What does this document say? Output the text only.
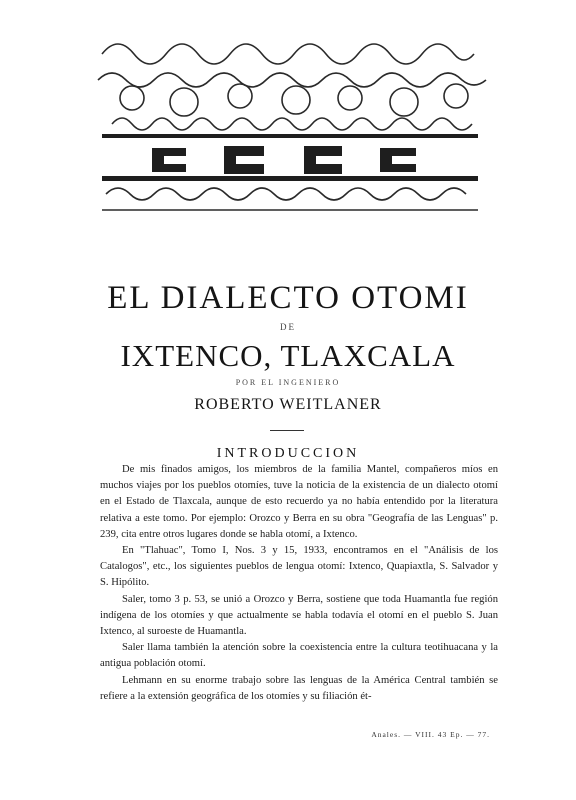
EL DIALECTO OTOMI
DE
IXTENCO, TLAXCALA
POR EL INGENIERO
ROBERTO WEITLANER
INTRODUCCION

De mis finados amigos, los miembros de la familia Mantel, compañeros míos en muchos viajes por los pueblos otomíes, tuve la noticia de la existencia de un dialecto otomí en el Estado de Tlaxcala, aunque de esto recuerdo ya no había entendido por la literatura relativa a este tomo. Por ejemplo: Orozco y Berra en su obra "Geografía de las Lenguas" p. 239, cita entre otros lugares donde se habla otomí, a Ixtenco.

En "Tlahuac", Tomo I, Nos. 3 y 15, 1933, encontramos en el "Análisis de los Catalogos", etc., los siguientes pueblos de lengua otomí: Ixtenco, Quapiaxtla, S. Salvador y S. Hipólito.

Saler, tomo 3 p. 53, se unió a Orozco y Berra, sostiene que toda Huamantla fue región indígena de los otomíes y que actualmente se habla todavía el otomí en el pueblo S. Juan Ixtenco, al suroeste de Huamantla.

Saler llama también la atención sobre la coexistencia entre la cultura teotihuacana y la antigua población otomí.

Lehmann en su enorme trabajo sobre las lenguas de la América Central también se refiere a la extensión geográfica de los otomíes y su filiación ét-

Anales. — VIII. 43 Ep. — 77.
